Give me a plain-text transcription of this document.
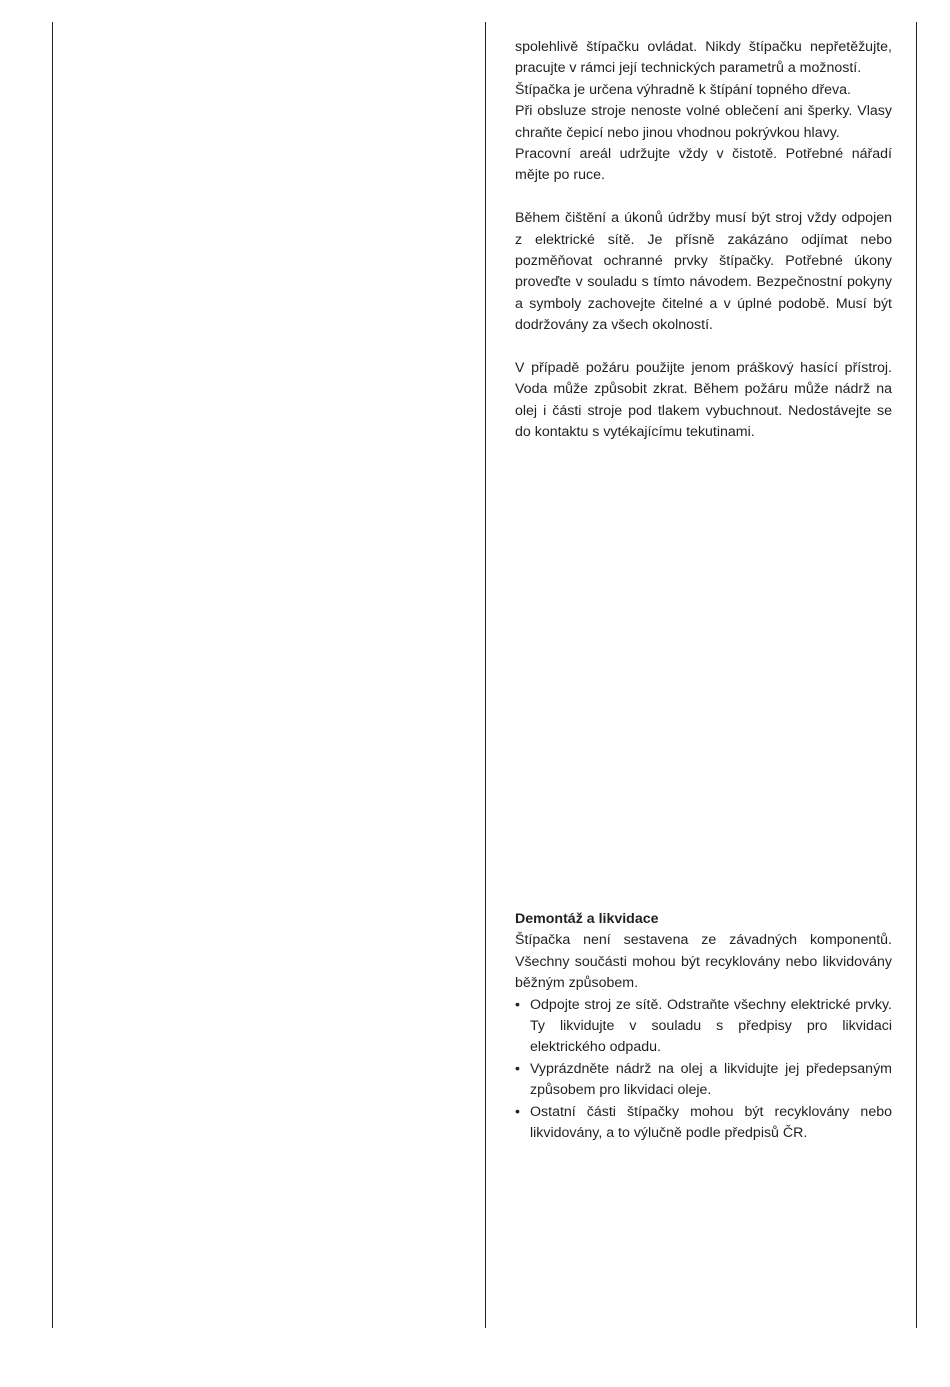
spolehlivě štípačku ovládat. Nikdy štípačku nepřetěžujte, pracujte v rámci její technických parametrů a možností.

Štípačka je určena výhradně k štípání topného dřeva.

Při obsluze stroje nenoste volné oblečení ani šperky. Vlasy chraňte čepicí nebo jinou vhodnou pokrývkou hlavy.

Pracovní areál udržujte vždy v čistotě. Potřebné nářadí mějte po ruce.

Během čištění a úkonů údržby musí být stroj vždy odpojen z elektrické sítě. Je přísně zakázáno odjímat nebo pozměňovat ochranné prvky štípačky. Potřebné úkony proveďte v souladu s tímto návodem. Bezpečnostní pokyny a symboly zachovejte čitelné a v úplné podobě. Musí být dodržovány za všech okolností.

V případě požáru použijte jenom práškový hasící přístroj. Voda může způsobit zkrat. Během požáru může nádrž na olej i části stroje pod tlakem vybuchnout. Nedostávejte se do kontaktu s vytékajícímu tekutinami.

Demontáž a likvidace

Štípačka není sestavena ze závadných komponentů. Všechny součásti mohou být recyklovány nebo likvidovány běžným způsobem.

• Odpojte stroj ze sítě. Odstraňte všechny elektrické prvky. Ty likvidujte v souladu s předpisy pro likvidaci elektrického odpadu.
• Vyprázdněte nádrž na olej a likvidujte jej předepsaným způsobem pro likvidaci oleje.
• Ostatní části štípačky mohou být recyklovány nebo likvidovány, a to výlučně podle předpisů ČR.
